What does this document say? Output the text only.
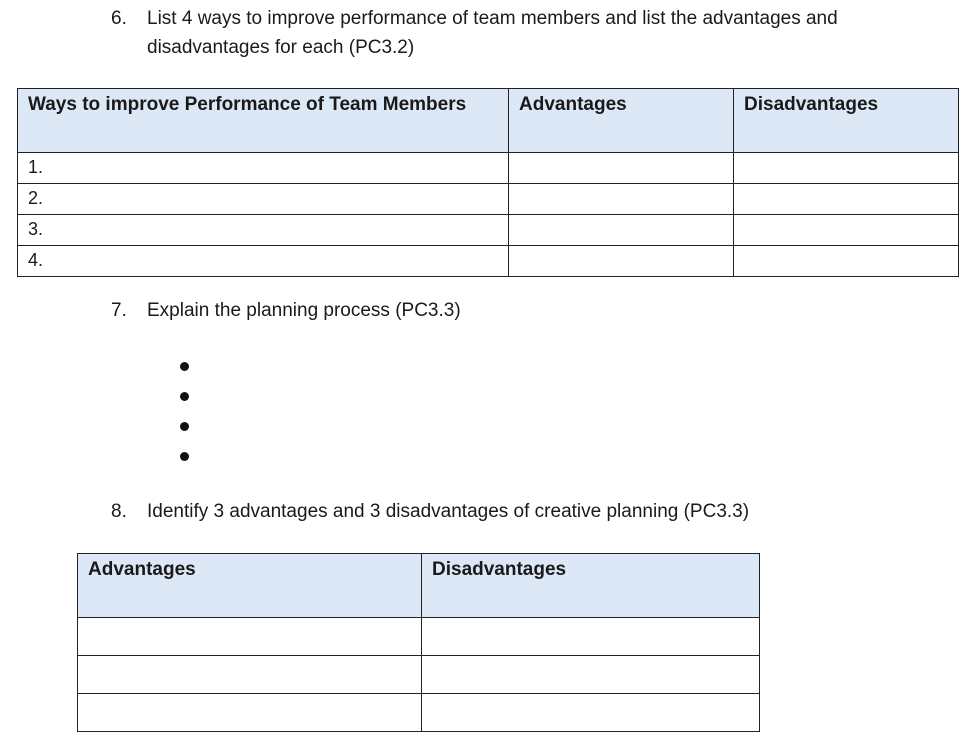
6. List 4 ways to improve performance of team members and list the advantages and disadvantages for each (PC3.2)
Ways to improve Performance of Team Members	Advantages	Disadvantages
1.		
2.		
3.		
4.		
7. Explain the planning process (PC3.3)
8. Identify 3 advantages and 3 disadvantages of creative planning (PC3.3)
Advantages	Disadvantages
